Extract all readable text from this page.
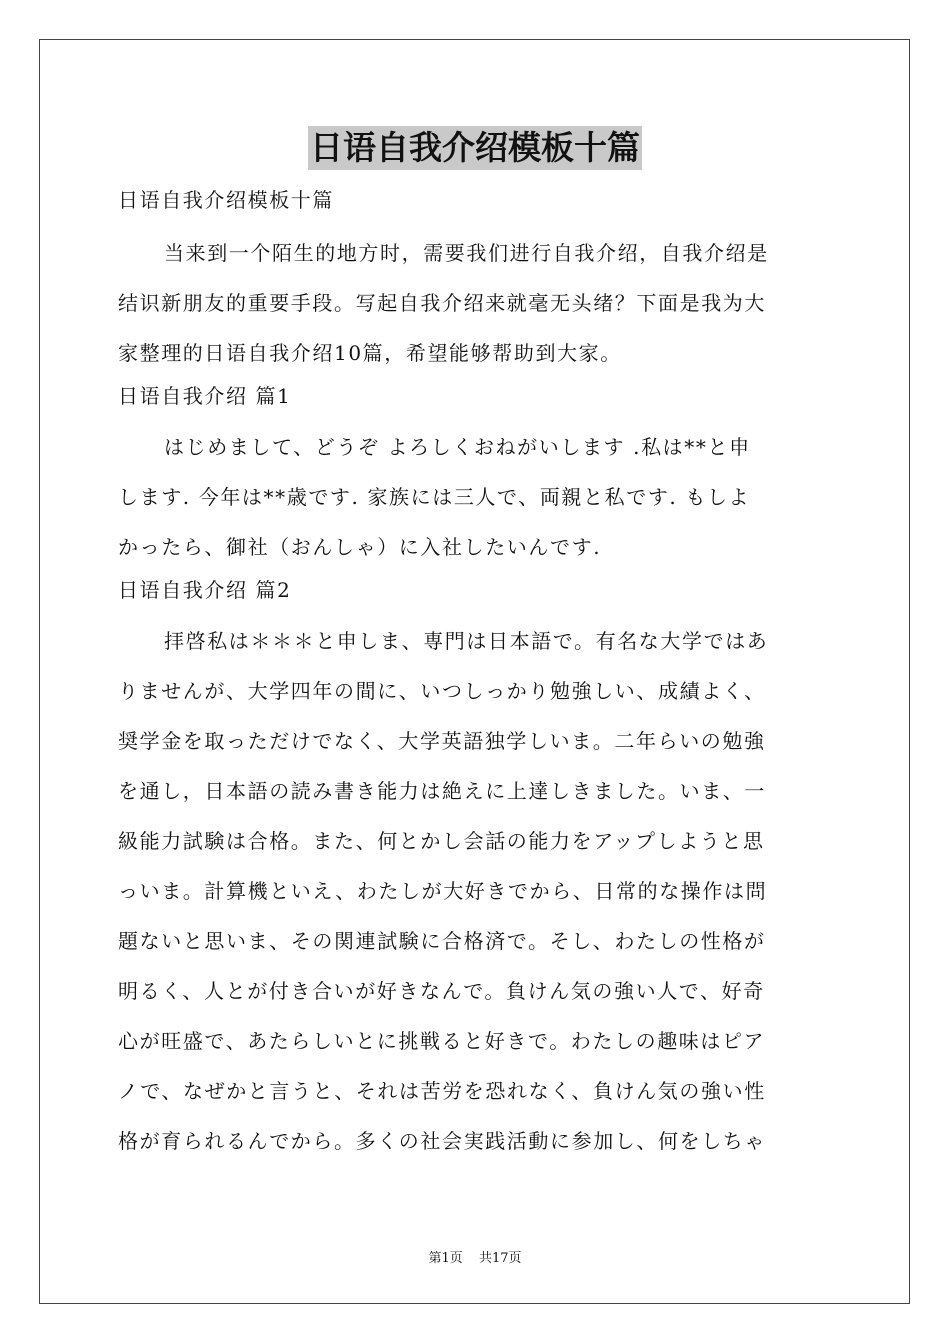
日语自我介绍模板十篇
日语自我介绍模板十篇
当来到一个陌生的地方时，需要我们进行自我介绍，自我介绍是
结识新朋友的重要手段。写起自我介绍来就毫无头绪？下面是我为大
家整理的日语自我介绍10篇，希望能够帮助到大家。
日语自我介绍 篇1
はじめまして、どうぞ よろしくおねがいします .私は**と申
します. 今年は**歳です. 家族には三人で、両親と私です. もしよ
かったら、御社（おんしゃ）に入社したいんです.
日语自我介绍 篇2
拝啓私は＊＊＊と申しま、専門は日本語で。有名な大学ではあ
りませんが、大学四年の間に、いつしっかり勉強しい、成績よく、
奨学金を取っただけでなく、大学英語独学しいま。二年らいの勉強
を通し，日本語の読み書き能力は絶えに上達しきました。いま、一
級能力試験は合格。また、何とかし会話の能力をアップしようと思
っいま。計算機といえ、わたしが大好きでから、日常的な操作は問
題ないと思いま、その関連試験に合格済で。そし、わたしの性格が
明るく、人とが付き合いが好きなんで。負けん気の強い人で、好奇
心が旺盛で、あたらしいとに挑戦ると好きで。わたしの趣味はピア
ノで、なぜかと言うと、それは苦労を恐れなく、負けん気の強い性
格が育られるんでから。多くの社会実践活動に参加し、何をしちゃ
第1页 共17页
